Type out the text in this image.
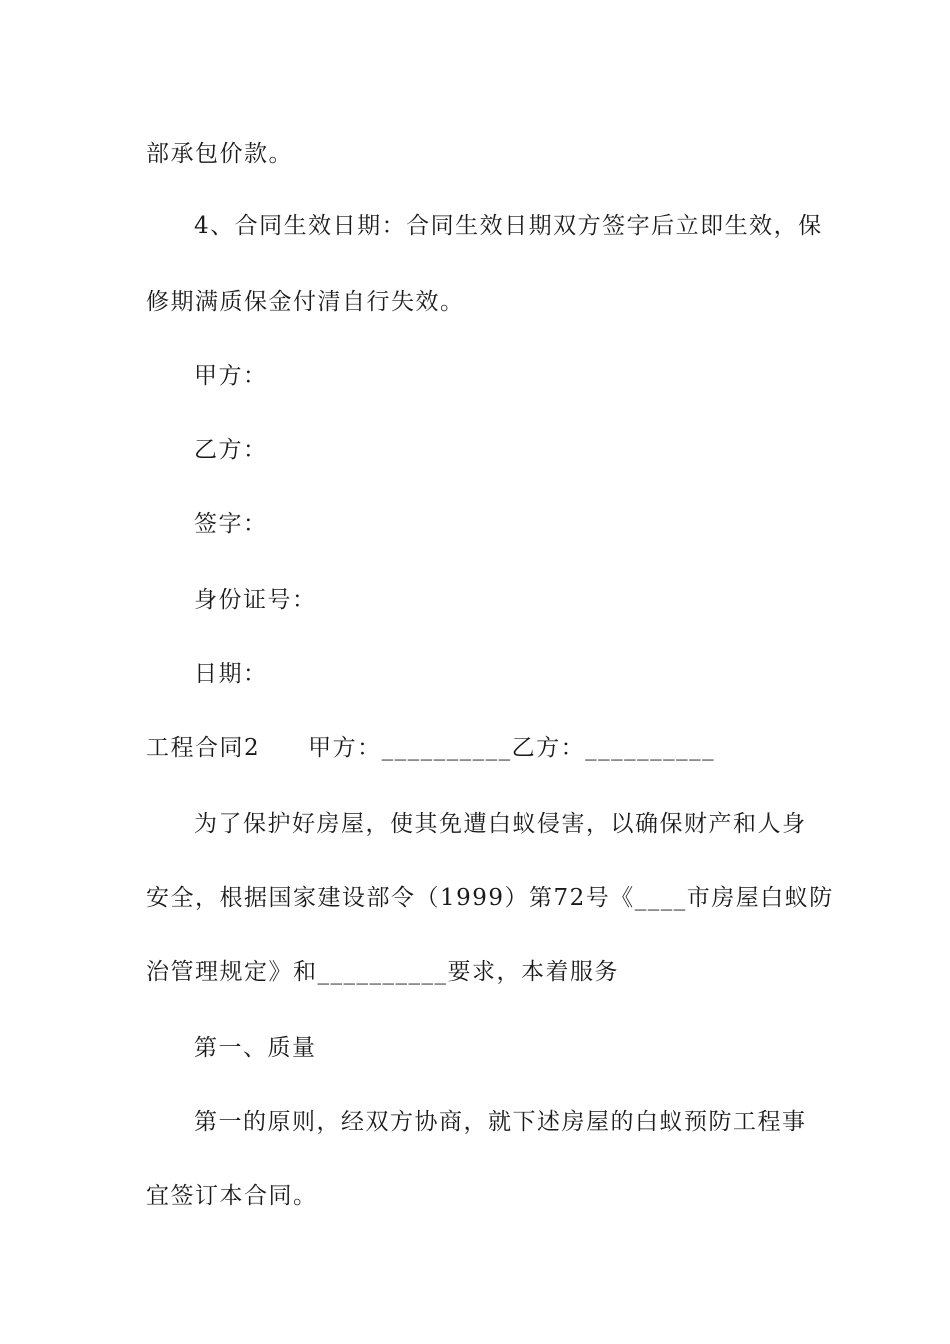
部承包价款。
4、合同生效日期：合同生效日期双方签字后立即生效，保
修期满质保金付清自行失效。
甲方：
乙方：
签字：
身份证号：
日期：
工程合同2 甲方：__________乙方：__________
为了保护好房屋，使其免遭白蚁侵害，以确保财产和人身
安全，根据国家建设部令（1999）第72号《____市房屋白蚁防
治管理规定》和__________要求，本着服务
第一、质量
第一的原则，经双方协商，就下述房屋的白蚁预防工程事
宜签订本合同。
